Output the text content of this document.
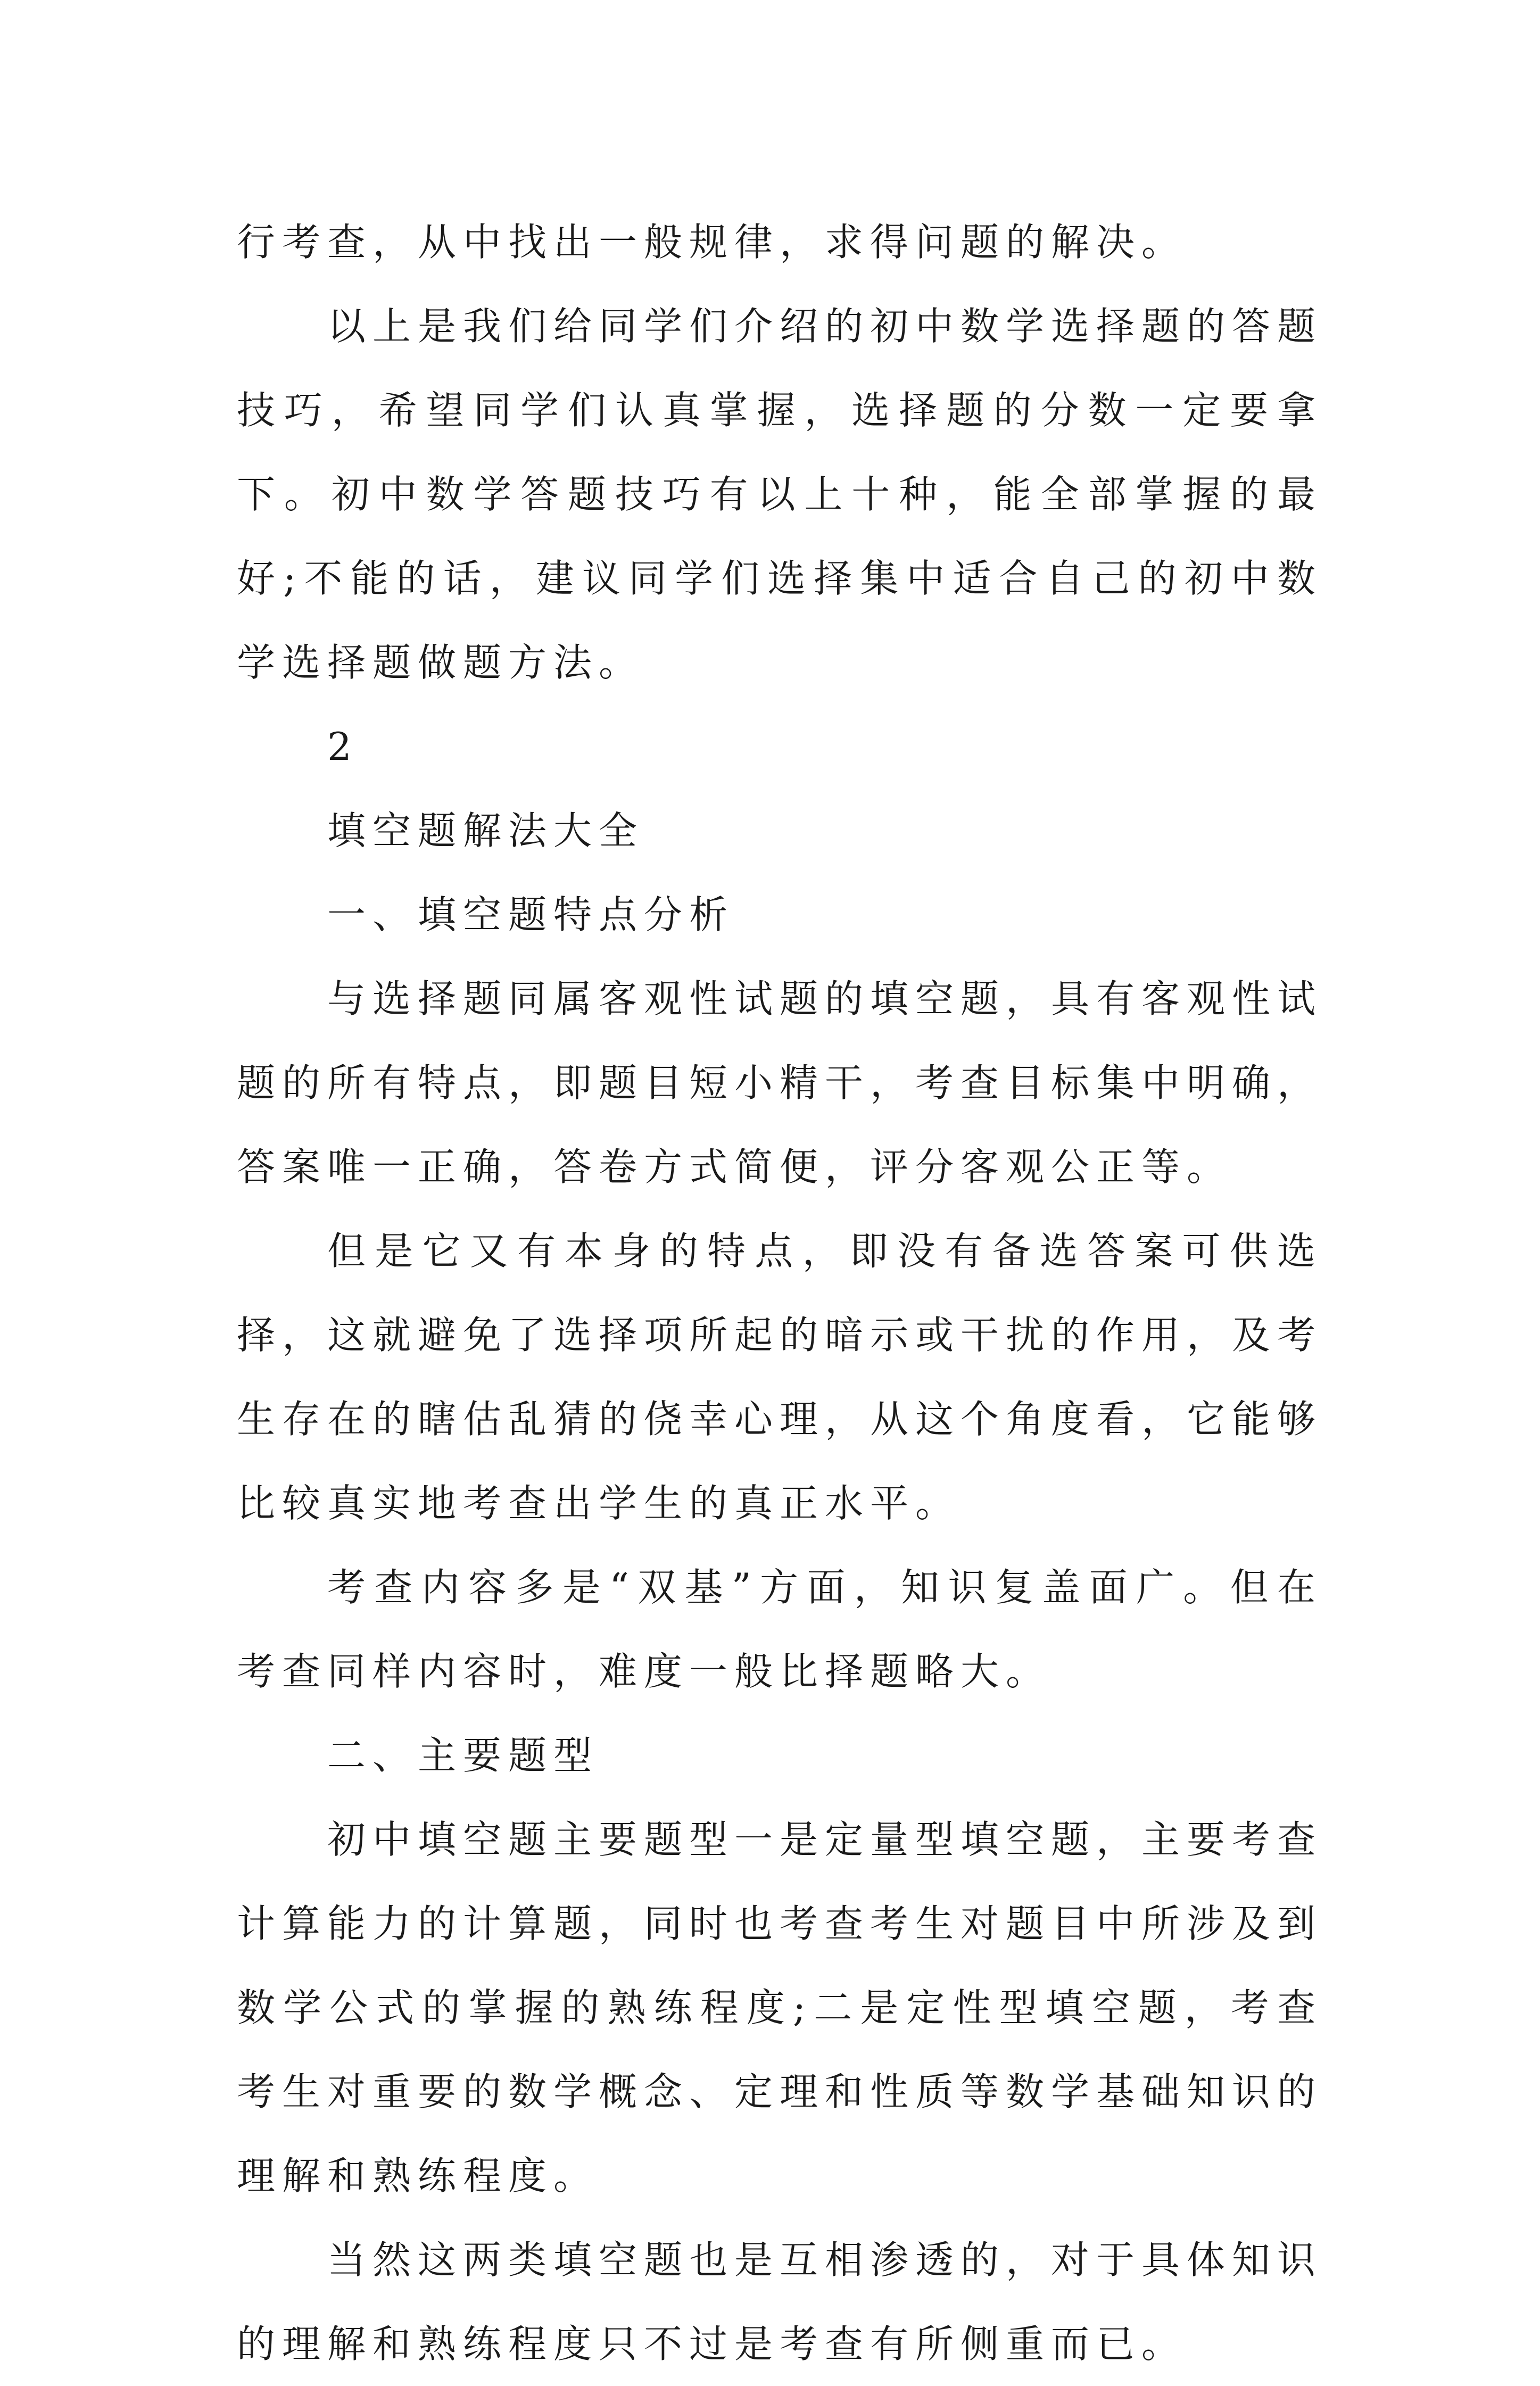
行考查，从中找出一般规律，求得问题的解决。

以上是我们给同学们介绍的初中数学选择题的答题技巧，希望同学们认真掌握，选择题的分数一定要拿下。初中数学答题技巧有以上十种，能全部掌握的最好;不能的话，建议同学们选择集中适合自己的初中数学选择题做题方法。

2

填空题解法大全

一、填空题特点分析

与选择题同属客观性试题的填空题，具有客观性试题的所有特点，即题目短小精干，考查目标集中明确，答案唯一正确，答卷方式简便，评分客观公正等。

但是它又有本身的特点，即没有备选答案可供选择，这就避免了选择项所起的暗示或干扰的作用，及考生存在的瞎估乱猜的侥幸心理，从这个角度看，它能够比较真实地考查出学生的真正水平。

考查内容多是“双基”方面，知识复盖面广。但在考查同样内容时，难度一般比择题略大。

二、主要题型

初中填空题主要题型一是定量型填空题，主要考查计算能力的计算题，同时也考查考生对题目中所涉及到数学公式的掌握的熟练程度;二是定性型填空题，考查考生对重要的数学概念、定理和性质等数学基础知识的理解和熟练程度。

当然这两类填空题也是互相渗透的，对于具体知识的理解和熟练程度只不过是考查有所侧重而已。
